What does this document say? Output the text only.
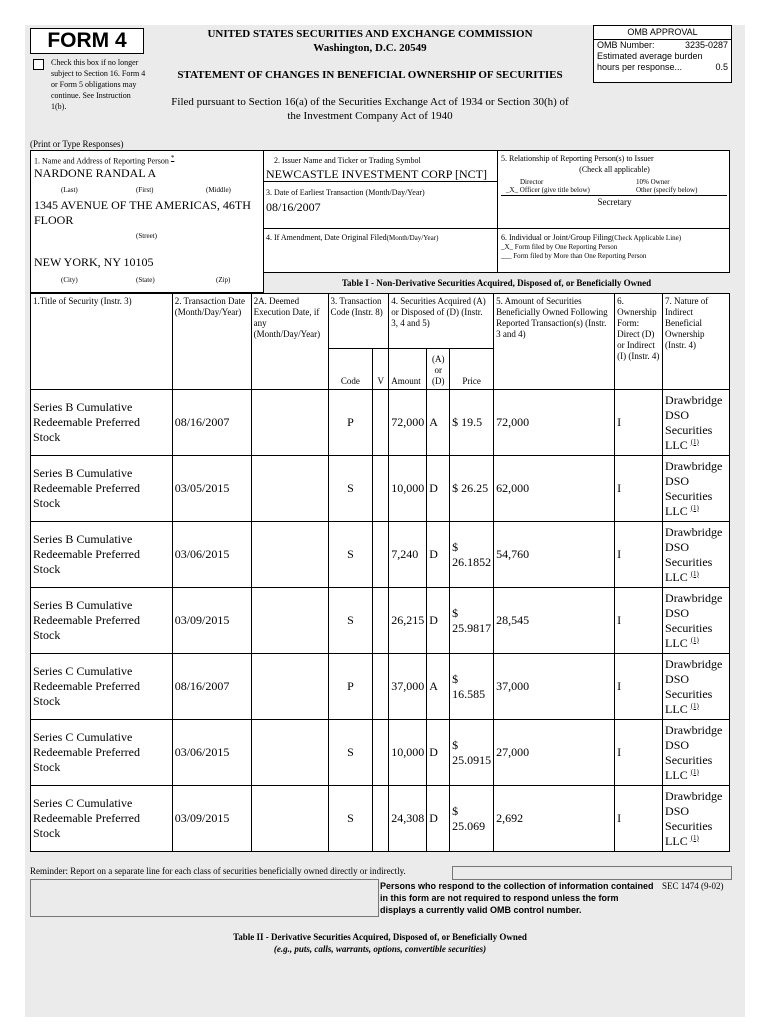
FORM 4
Check this box if no longer subject to Section 16. Form 4 or Form 5 obligations may continue. See Instruction 1(b).
UNITED STATES SECURITIES AND EXCHANGE COMMISSION
Washington, D.C. 20549
STATEMENT OF CHANGES IN BENEFICIAL OWNERSHIP OF SECURITIES
Filed pursuant to Section 16(a) of the Securities Exchange Act of 1934 or Section 30(h) of
the Investment Company Act of 1940
OMB APPROVAL
OMB Number:	3235-0287
Estimated average burden
hours per response...	0.5
(Print or Type Responses)
1. Name and Address of Reporting Person *
NARDONE RANDAL A
(Last)	(First)	(Middle)
1345 AVENUE OF THE AMERICAS, 46TH FLOOR
(Street)
NEW YORK, NY 10105
(City)	(State)	(Zip)
2. Issuer Name and Ticker or Trading Symbol
NEWCASTLE INVESTMENT CORP [NCT]
3. Date of Earliest Transaction (Month/Day/Year)
08/16/2007
4. If Amendment, Date Original Filed(Month/Day/Year)
5. Relationship of Reporting Person(s) to Issuer
(Check all applicable)
Director	10% Owner
_X_ Officer (give title below)	Other (specify below)
Secretary
6. Individual or Joint/Group Filing(Check Applicable Line)
_X_ Form filed by One Reporting Person
___ Form filed by More than One Reporting Person
Table I - Non-Derivative Securities Acquired, Disposed of, or Beneficially Owned
1.Title of Security (Instr. 3)	2. Transaction Date (Month/Day/Year)	2A. Deemed Execution Date, if any (Month/Day/Year)	3. Transaction Code (Instr. 8)		4. Securities Acquired (A) or Disposed of (D) (Instr. 3, 4 and 5)			5. Amount of Securities Beneficially Owned Following Reported Transaction(s) (Instr. 3 and 4)	6. Ownership Form: Direct (D) or Indirect (I) (Instr. 4)	7. Nature of Indirect Beneficial Ownership (Instr. 4)
			Code	V	Amount	(A) or (D)	Price			
Series B Cumulative Redeemable Preferred Stock	08/16/2007		P		72,000	A	$ 19.5	72,000	I	Drawbridge DSO Securities LLC $^{(1)}$
Series B Cumulative Redeemable Preferred Stock	03/05/2015		S		10,000	D	$ 26.25	62,000	I	Drawbridge DSO Securities LLC $^{(1)}$
Series B Cumulative Redeemable Preferred Stock	03/06/2015		S		7,240	D	$ 26.1852	54,760	I	Drawbridge DSO Securities LLC $^{(1)}$
Series B Cumulative Redeemable Preferred Stock	03/09/2015		S		26,215	D	$ 25.9817	28,545	I	Drawbridge DSO Securities LLC $^{(1)}$
Series C Cumulative Redeemable Preferred Stock	08/16/2007		P		37,000	A	$ 16.585	37,000	I	Drawbridge DSO Securities LLC $^{(1)}$
Series C Cumulative Redeemable Preferred Stock	03/06/2015		S		10,000	D	$ 25.0915	27,000	I	Drawbridge DSO Securities LLC $^{(1)}$
Series C Cumulative Redeemable Preferred Stock	03/09/2015		S		24,308	D	$ 25.069	2,692	I	Drawbridge DSO Securities LLC $^{(1)}$
Reminder: Report on a separate line for each class of securities beneficially owned directly or indirectly.
Persons who respond to the collection of information contained in this form are not required to respond unless the form displays a currently valid OMB control number.
SEC 1474 (9-02)
Table II - Derivative Securities Acquired, Disposed of, or Beneficially Owned
(e.g., puts, calls, warrants, options, convertible securities)
